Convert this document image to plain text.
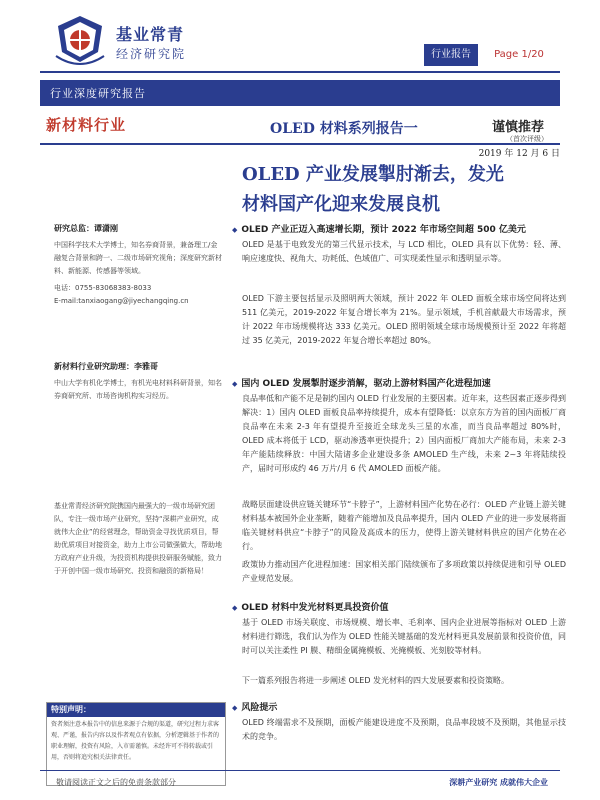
基业常青
经济研究院	行业报告	Page 1/20
行业深度研究报告
新材料行业	OLED 材料系列报告一	谨慎推荐
（首次评级）
2019 年 12 月 6 日
OLED 产业发展掣肘渐去，发光
材料国产化迎来发展良机
研究总监：谭潇刚
中国科学技术大学博士，知名券商背景，兼备理工/金融复合背景和跨一、二级市场研究视角；深度研究新材料、新能源、传感器等领域。
电话：0755-83068383-8033
E-mail:tanxiaogang@jiyechangqing.cn
新材料行业研究助理：李雅哥
中山大学有机化学博士，有机光电材料科研背景，知名券商研究所、市场咨询机构实习经历。
基业常青经济研究院携国内最强大的一级市场研究团队，专注一级市场产业研究，坚持“深耕产业研究，成就伟大企业”的经营理念，帮助资金寻找优质项目，帮助优质项目对接资金，助力上市公司做强做大，帮助地方政府产业升级，为投资机构提供投研服务赋能，致力于开创中国一级市场研究、投资和融资的新格局！
特别声明：
资者须注意本报告中的信息来源于合规的渠道，研究过程力求客观、严谨，报告内容以及作者观点有依据，分析逻辑基于作者的职业理解，投资有风险，入市需谨慎。未经许可不得转载或引用，否则将追究相关法律责任。
◆ OLED 产业正迈入高速增长期，预计 2022 年市场空间超 500 亿美元
OLED 是基于电致发光的第三代显示技术，与 LCD 相比，OLED 具有以下优势：轻、薄、响应速度快、视角大、功耗低、色域值广、可实现柔性显示和透明显示等。
OLED 下游主要包括显示及照明两大领域，预计 2022 年 OLED 面板全球市场空间将达到 511 亿美元，2019-2022 年复合增长率为 21%。显示领域，手机首献最大市场需求，预计 2022 年市场规模将达 333 亿美元。OLED 照明领域全球市场规模预计至 2022 年将超过 35 亿美元，2019-2022 年复合增长率超过 80%。
◆ 国内 OLED 发展掣肘逐步消解，驱动上游材料国产化进程加速
良品率低和产能不足是制约国内 OLED 行业发展的主要因素。近年来，这些因素正逐步得到解决：1）国内 OLED 面板良品率持续提升，成本有望降低：以京东方为首的国内面板厂商良品率在未来 2-3 年有望提升至接近全球龙头三星的水准，而当良品率超过 80%时，OLED 成本将低于 LCD，驱动渗透率更快提升；2）国内面板厂商加大产能布局，未来 2-3 年产能陆续释放：中国大陆诸多企业建设多条 AMOLED 生产线，未来 2~3 年将陆续投产，届时可形成约 46 万片/月 6 代 AMOLED 面板产能。
战略层面建设供应链关键环节“卡脖子”，上游材料国产化势在必行：OLED 产业链上游关键材料基本被国外企业垄断，随着产能增加及良品率提升，国内 OLED 产业的进一步发展将面临关键材料供应“卡脖子”的风险及高成本的压力，使得上游关键材料供应的国产化势在必行。
政策协力推动国产化进程加速：国家相关部门陆续颁布了多项政策以持续促进和引导 OLED 产业规范发展。
◆ OLED 材料中发光材料更具投资价值
基于 OLED 市场关联度、市场规模、增长率、毛利率、国内企业进展等指标对 OLED 上游材料进行筛选，我们认为作为 OLED 性能关键基础的发光材料更具发展前景和投资价值，同时可以关注柔性 PI 膜、精细金属掩模板、光掩模板、光刻胶等材料。
下一篇系列报告将进一步阐述 OLED 发光材料的四大发展要素和投资策略。
◆ 风险提示
OLED 终端需求不及预期，面板产能建设进度不及预期，良品率段坡不及预期，其他显示技术的竞争。
敬请阅读正文之后的免责条款部分	深耕产业研究 成就伟大企业
